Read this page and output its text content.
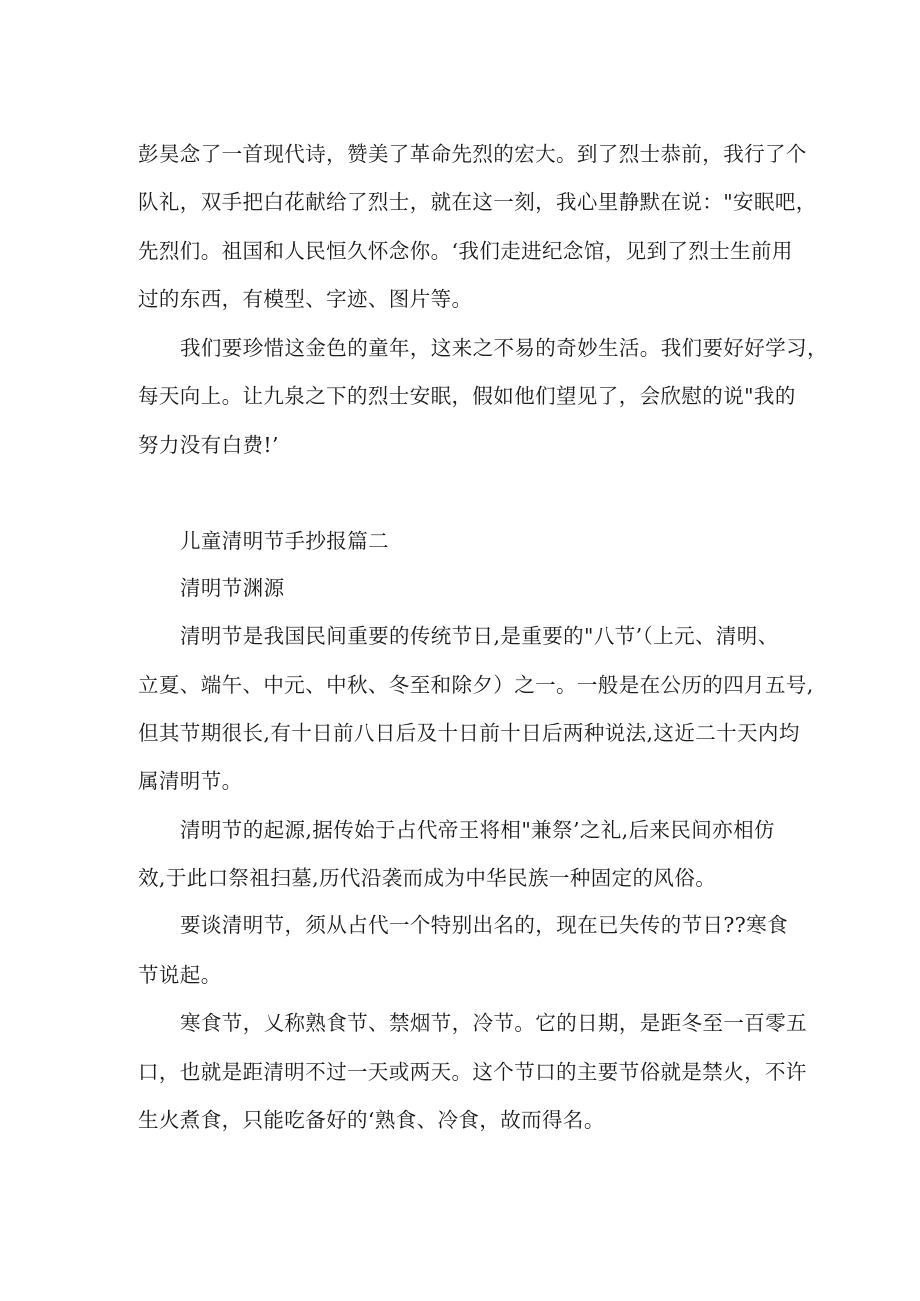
彭昊念了一首现代诗，赞美了革命先烈的宏大。到了烈士恭前，我行了个

队礼，双手把白花献给了烈士，就在这一刻，我心里静默在说："安眠吧，

先烈们。祖国和人民恒久怀念你。‘我们走进纪念馆，见到了烈士生前用

过的东西，有模型、字迹、图片等。

我们要珍惜这金色的童年，这来之不易的奇妙生活。我们要好好学习，

每天向上。让九泉之下的烈士安眠，假如他们望见了，会欣慰的说"我的

努力没有白费!’

儿童清明节手抄报篇二

清明节渊源

清明节是我国民间重要的传统节日,是重要的"八节’（上元、清明、

立夏、端午、中元、中秋、冬至和除夕）之一。一般是在公历的四月五号,

但其节期很长,有十日前八日后及十日前十日后两种说法,这近二十天内均

属清明节。

清明节的起源,据传始于占代帝王将相"兼祭’之礼,后来民间亦相仿

效,于此口祭祖扫墓,历代沿袭而成为中华民族一种固定的风俗。

要谈清明节，须从占代一个特别出名的，现在已失传的节日??寒食

节说起。

寒食节，乂称熟食节、禁烟节，冷节。它的日期，是距冬至一百零五

口，也就是距清明不过一天或两天。这个节口的主要节俗就是禁火，不许

生火煮食，只能吃备好的‘熟食、冷食，故而得名。
